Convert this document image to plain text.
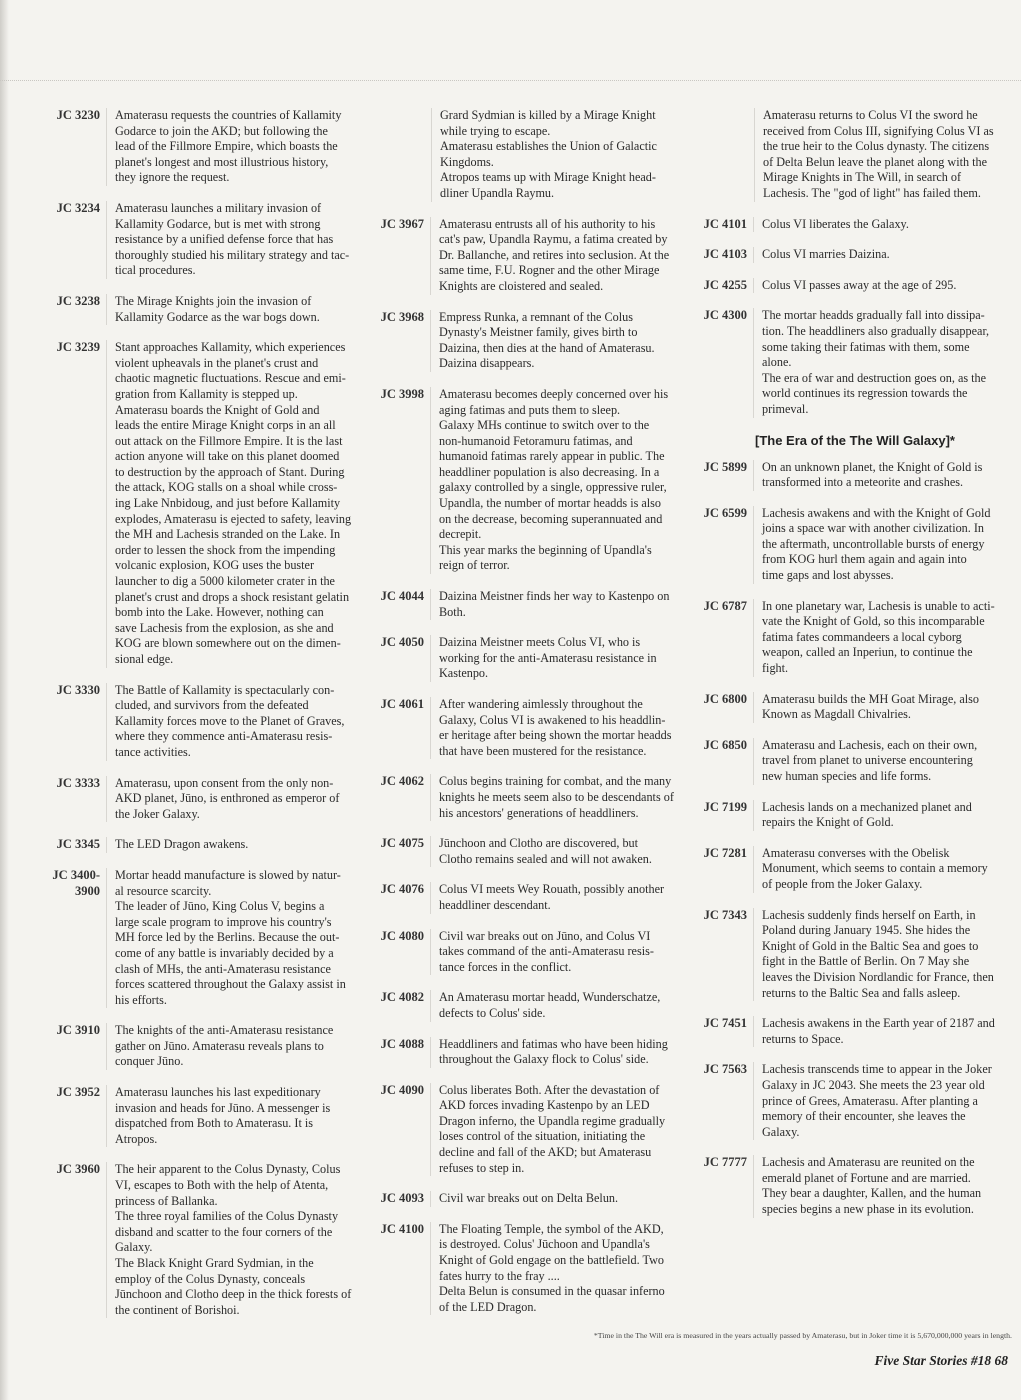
JC 3230	Amaterasu requests the countries of Kallamity
Godarce to join the AKD; but following the
lead of the Fillmore Empire, which boasts the
planet's longest and most illustrious history,
they ignore the request.
JC 3234	Amaterasu launches a military invasion of
Kallamity Godarce, but is met with strong
resistance by a unified defense force that has
thoroughly studied his military strategy and tac-
tical procedures.
JC 3238	The Mirage Knights join the invasion of
Kallamity Godarce as the war bogs down.
JC 3239	Stant approaches Kallamity, which experiences
violent upheavals in the planet's crust and
chaotic magnetic fluctuations. Rescue and emi-
gration from Kallamity is stepped up.
Amaterasu boards the Knight of Gold and
leads the entire Mirage Knight corps in an all
out attack on the Fillmore Empire. It is the last
action anyone will take on this planet doomed
to destruction by the approach of Stant. During
the attack, KOG stalls on a shoal while cross-
ing Lake Nnbidoug, and just before Kallamity
explodes, Amaterasu is ejected to safety, leaving
the MH and Lachesis stranded on the Lake. In
order to lessen the shock from the impending
volcanic explosion, KOG uses the buster
launcher to dig a 5000 kilometer crater in the
planet's crust and drops a shock resistant gelatin
bomb into the Lake. However, nothing can
save Lachesis from the explosion, as she and
KOG are blown somewhere out on the dimen-
sional edge.
JC 3330	The Battle of Kallamity is spectacularly con-
cluded, and survivors from the defeated
Kallamity forces move to the Planet of Graves,
where they commence anti-Amaterasu resis-
tance activities.
JC 3333	Amaterasu, upon consent from the only non-
AKD planet, Jūno, is enthroned as emperor of
the Joker Galaxy.
JC 3345	The LED Dragon awakens.
JC 3400-
3900
Mortar headd manufacture is slowed by natur-
al resource scarcity.
The leader of Jūno, King Colus V, begins a
large scale program to improve his country's
MH force led by the Berlins. Because the out-
come of any battle is invariably decided by a
clash of MHs, the anti-Amaterasu resistance
forces scattered throughout the Galaxy assist in
his efforts.
JC 3910	The knights of the anti-Amaterasu resistance
gather on Jūno. Amaterasu reveals plans to
conquer Jūno.
JC 3952	Amaterasu launches his last expeditionary
invasion and heads for Jūno. A messenger is
dispatched from Both to Amaterasu. It is
Atropos.
JC 3960	The heir apparent to the Colus Dynasty, Colus
VI, escapes to Both with the help of Atenta,
princess of Ballanka.
The three royal families of the Colus Dynasty
disband and scatter to the four corners of the
Galaxy.
The Black Knight Grard Sydmian, in the
employ of the Colus Dynasty, conceals
Jūnchoon and Clotho deep in the thick forests of
the continent of Borishoi.
Grard Sydmian is killed by a Mirage Knight
while trying to escape.
Amaterasu establishes the Union of Galactic
Kingdoms.
Atropos teams up with Mirage Knight head-
dliner Upandla Raymu.
JC 3967	Amaterasu entrusts all of his authority to his
cat's paw, Upandla Raymu, a fatima created by
Dr. Ballanche, and retires into seclusion. At the
same time, F.U. Rogner and the other Mirage
Knights are cloistered and sealed.
JC 3968	Empress Runka, a remnant of the Colus
Dynasty's Meistner family, gives birth to
Daizina, then dies at the hand of Amaterasu.
Daizina disappears.
JC 3998	Amaterasu becomes deeply concerned over his
aging fatimas and puts them to sleep.
Galaxy MHs continue to switch over to the
non-humanoid Fetoramuru fatimas, and
humanoid fatimas rarely appear in public. The
headdliner population is also decreasing. In a
galaxy controlled by a single, oppressive ruler,
Upandla, the number of mortar headds is also
on the decrease, becoming superannuated and
decrepit.
This year marks the beginning of Upandla's
reign of terror.
JC 4044	Daizina Meistner finds her way to Kastenpo on
Both.
JC 4050	Daizina Meistner meets Colus VI, who is
working for the anti-Amaterasu resistance in
Kastenpo.
JC 4061	After wandering aimlessly throughout the
Galaxy, Colus VI is awakened to his headdlin-
er heritage after being shown the mortar headds
that have been mustered for the resistance.
JC 4062	Colus begins training for combat, and the many
knights he meets seem also to be descendants of
his ancestors' generations of headdliners.
JC 4075	Jūnchoon and Clotho are discovered, but
Clotho remains sealed and will not awaken.
JC 4076	Colus VI meets Wey Rouath, possibly another
headdliner descendant.
JC 4080	Civil war breaks out on Jūno, and Colus VI
takes command of the anti-Amaterasu resis-
tance forces in the conflict.
JC 4082	An Amaterasu mortar headd, Wunderschatze,
defects to Colus' side.
JC 4088	Headdliners and fatimas who have been hiding
throughout the Galaxy flock to Colus' side.
JC 4090	Colus liberates Both. After the devastation of
AKD forces invading Kastenpo by an LED
Dragon inferno, the Upandla regime gradually
loses control of the situation, initiating the
decline and fall of the AKD; but Amaterasu
refuses to step in.
JC 4093	Civil war breaks out on Delta Belun.
JC 4100	The Floating Temple, the symbol of the AKD,
is destroyed. Colus' Jūchoon and Upandla's
Knight of Gold engage on the battlefield. Two
fates hurry to the fray ....
Delta Belun is consumed in the quasar inferno
of the LED Dragon.
Amaterasu returns to Colus VI the sword he
received from Colus III, signifying Colus VI as
the true heir to the Colus dynasty. The citizens
of Delta Belun leave the planet along with the
Mirage Knights in The Will, in search of
Lachesis. The "god of light" has failed them.
JC 4101	Colus VI liberates the Galaxy.
JC 4103	Colus VI marries Daizina.
JC 4255	Colus VI passes away at the age of 295.
JC 4300	The mortar headds gradually fall into dissipa-
tion. The headdliners also gradually disappear,
some taking their fatimas with them, some
alone.
The era of war and destruction goes on, as the
world continues its regression towards the
primeval.
[The Era of the The Will Galaxy]*
JC 5899	On an unknown planet, the Knight of Gold is
transformed into a meteorite and crashes.
JC 6599	Lachesis awakens and with the Knight of Gold
joins a space war with another civilization. In
the aftermath, uncontrollable bursts of energy
from KOG hurl them again and again into
time gaps and lost abysses.
JC 6787	In one planetary war, Lachesis is unable to acti-
vate the Knight of Gold, so this incomparable
fatima fates commandeers a local cyborg
weapon, called an Inperiun, to continue the
fight.
JC 6800	Amaterasu builds the MH Goat Mirage, also
Known as Magdall Chivalries.
JC 6850	Amaterasu and Lachesis, each on their own,
travel from planet to universe encountering
new human species and life forms.
JC 7199	Lachesis lands on a mechanized planet and
repairs the Knight of Gold.
JC 7281	Amaterasu converses with the Obelisk
Monument, which seems to contain a memory
of people from the Joker Galaxy.
JC 7343	Lachesis suddenly finds herself on Earth, in
Poland during January 1945. She hides the
Knight of Gold in the Baltic Sea and goes to
fight in the Battle of Berlin. On 7 May she
leaves the Division Nordlandic for France, then
returns to the Baltic Sea and falls asleep.
JC 7451	Lachesis awakens in the Earth year of 2187 and
returns to Space.
JC 7563	Lachesis transcends time to appear in the Joker
Galaxy in JC 2043. She meets the 23 year old
prince of Grees, Amaterasu. After planting a
memory of their encounter, she leaves the
Galaxy.
JC 7777	Lachesis and Amaterasu are reunited on the
emerald planet of Fortune and are married.
They bear a daughter, Kallen, and the human
species begins a new phase in its evolution.
*Time in the The Will era is measured in the years actually passed by Amaterasu, but in Joker time it is 5,670,000,000 years in length.
Five Star Stories #18 68
